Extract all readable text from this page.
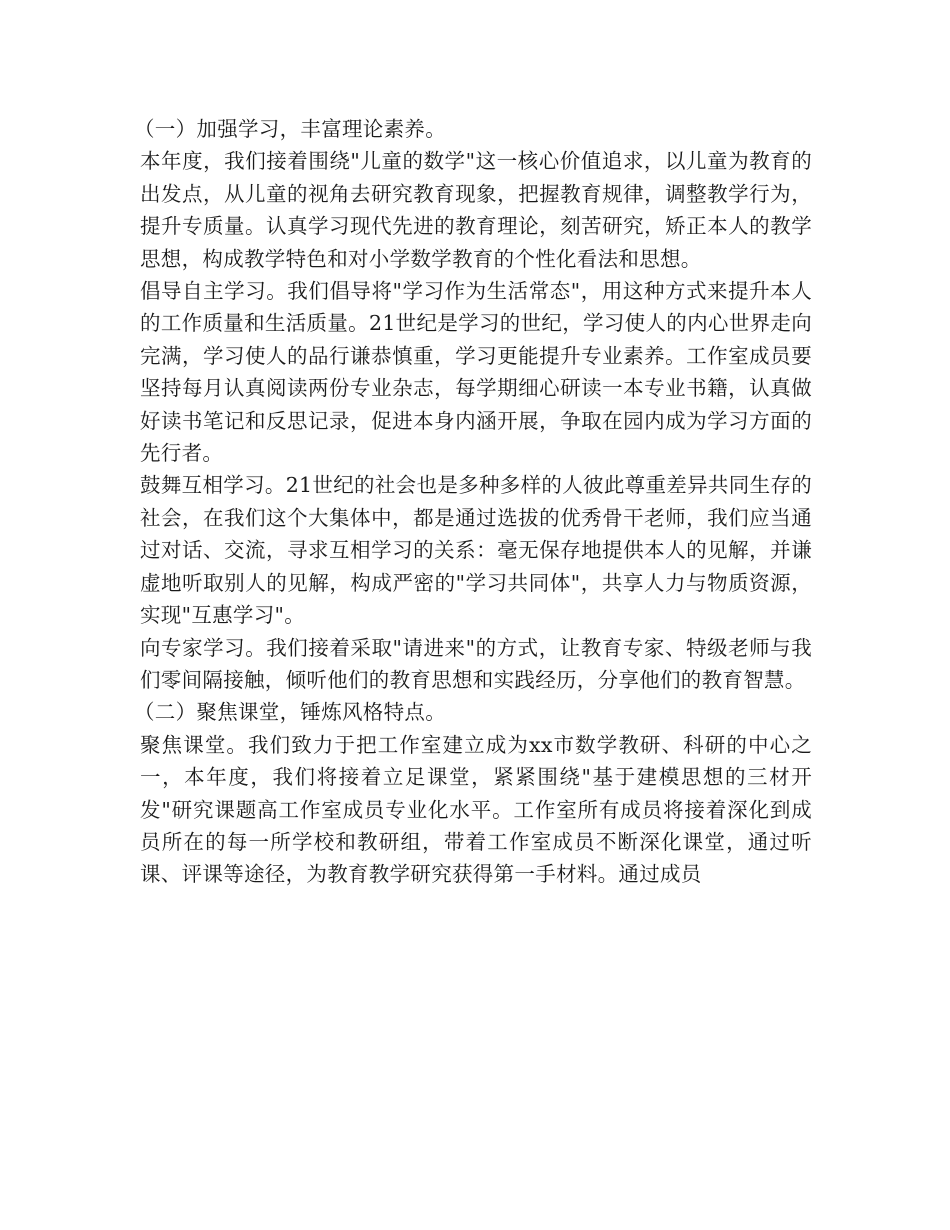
（一）加强学习，丰富理论素养。

本年度，我们接着围绕"儿童的数学"这一核心价值追求，以儿童为教育的出发点，从儿童的视角去研究教育现象，把握教育规律，调整教学行为，提升专质量。认真学习现代先进的教育理论，刻苦研究，矫正本人的教学思想，构成教学特色和对小学数学教育的个性化看法和思想。

倡导自主学习。我们倡导将"学习作为生活常态"，用这种方式来提升本人的工作质量和生活质量。21世纪是学习的世纪，学习使人的内心世界走向完满，学习使人的品行谦恭慎重，学习更能提升专业素养。工作室成员要坚持每月认真阅读两份专业杂志，每学期细心研读一本专业书籍，认真做好读书笔记和反思记录，促进本身内涵开展，争取在园内成为学习方面的先行者。

鼓舞互相学习。21世纪的社会也是多种多样的人彼此尊重差异共同生存的社会，在我们这个大集体中，都是通过选拔的优秀骨干老师，我们应当通过对话、交流，寻求互相学习的关系：毫无保存地提供本人的见解，并谦虚地听取别人的见解，构成严密的"学习共同体"，共享人力与物质资源，实现"互惠学习"。

向专家学习。我们接着采取"请进来"的方式，让教育专家、特级老师与我们零间隔接触，倾听他们的教育思想和实践经历，分享他们的教育智慧。

（二）聚焦课堂，锤炼风格特点。

聚焦课堂。我们致力于把工作室建立成为xx市数学教研、科研的中心之一，本年度，我们将接着立足课堂，紧紧围绕"基于建模思想的三材开发"研究课题高工作室成员专业化水平。工作室所有成员将接着深化到成员所在的每一所学校和教研组，带着工作室成员不断深化课堂，通过听课、评课等途径，为教育教学研究获得第一手材料。通过成员
